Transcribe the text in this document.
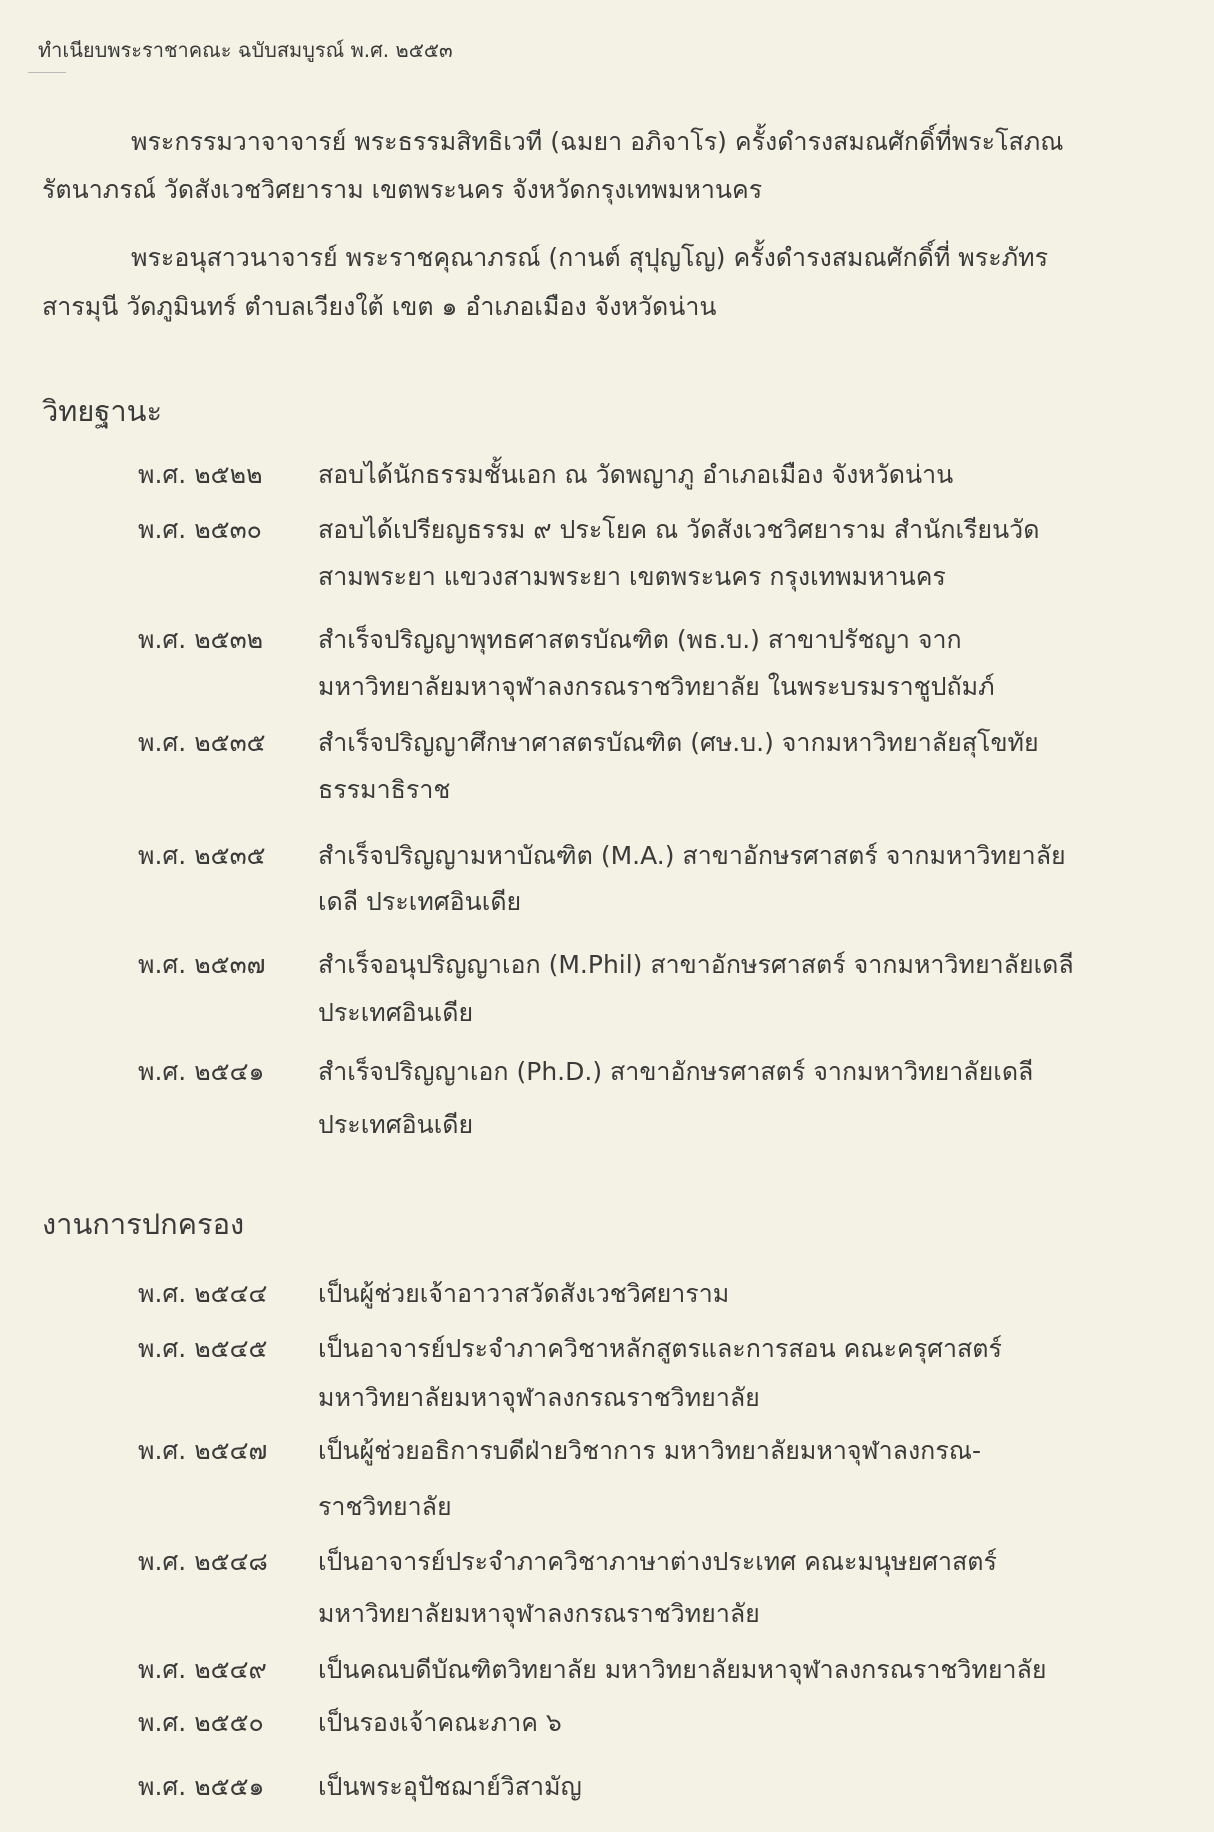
ทำเนียบพระราชาคณะ ฉบับสมบูรณ์ พ.ศ. ๒๕๕๓
พระกรรมวาจาจารย์ พระธรรมสิทธิเวที (ฉมยา อภิจาโร) ครั้งดำรงสมณศักดิ์ที่พระโสภณ
รัตนาภรณ์ วัดสังเวชวิศยาราม เขตพระนคร จังหวัดกรุงเทพมหานคร
พระอนุสาวนาจารย์ พระราชคุณาภรณ์ (กานต์ สุปุญโญ) ครั้งดำรงสมณศักดิ์ที่ พระภัทร
สารมุนี วัดภูมินทร์ ตำบลเวียงใต้ เขต ๑ อำเภอเมือง จังหวัดน่าน
วิทยฐานะ
พ.ศ. ๒๕๒๒ สอบได้นักธรรมชั้นเอก ณ วัดพญาภู อำเภอเมือง จังหวัดน่าน
พ.ศ. ๒๕๓๐ สอบได้เปรียญธรรม ๙ ประโยค ณ วัดสังเวชวิศยาราม สำนักเรียนวัด
สามพระยา แขวงสามพระยา เขตพระนคร กรุงเทพมหานคร
พ.ศ. ๒๕๓๒ สำเร็จปริญญาพุทธศาสตรบัณฑิต (พธ.บ.) สาขาปรัชญา จาก
มหาวิทยาลัยมหาจุฬาลงกรณราชวิทยาลัย ในพระบรมราชูปถัมภ์
พ.ศ. ๒๕๓๕ สำเร็จปริญญาศึกษาศาสตรบัณฑิต (ศษ.บ.) จากมหาวิทยาลัยสุโขทัย
ธรรมาธิราช
พ.ศ. ๒๕๓๕ สำเร็จปริญญามหาบัณฑิต (M.A.) สาขาอักษรศาสตร์ จากมหาวิทยาลัย
เดลี ประเทศอินเดีย
พ.ศ. ๒๕๓๗ สำเร็จอนุปริญญาเอก (M.Phil) สาขาอักษรศาสตร์ จากมหาวิทยาลัยเดลี
ประเทศอินเดีย
พ.ศ. ๒๕๔๑ สำเร็จปริญญาเอก (Ph.D.) สาขาอักษรศาสตร์ จากมหาวิทยาลัยเดลี
ประเทศอินเดีย
งานการปกครอง
พ.ศ. ๒๕๔๔ เป็นผู้ช่วยเจ้าอาวาสวัดสังเวชวิศยาราม
พ.ศ. ๒๕๔๕ เป็นอาจารย์ประจำภาควิชาหลักสูตรและการสอน คณะครุศาสตร์
มหาวิทยาลัยมหาจุฬาลงกรณราชวิทยาลัย
พ.ศ. ๒๕๔๗ เป็นผู้ช่วยอธิการบดีฝ่ายวิชาการ มหาวิทยาลัยมหาจุฬาลงกรณ-
ราชวิทยาลัย
พ.ศ. ๒๕๔๘ เป็นอาจารย์ประจำภาควิชาภาษาต่างประเทศ คณะมนุษยศาสตร์
มหาวิทยาลัยมหาจุฬาลงกรณราชวิทยาลัย
พ.ศ. ๒๕๔๙ เป็นคณบดีบัณฑิตวิทยาลัย มหาวิทยาลัยมหาจุฬาลงกรณราชวิทยาลัย
พ.ศ. ๒๕๕๐ เป็นรองเจ้าคณะภาค ๖
พ.ศ. ๒๕๕๑ เป็นพระอุปัชฌาย์วิสามัญ
